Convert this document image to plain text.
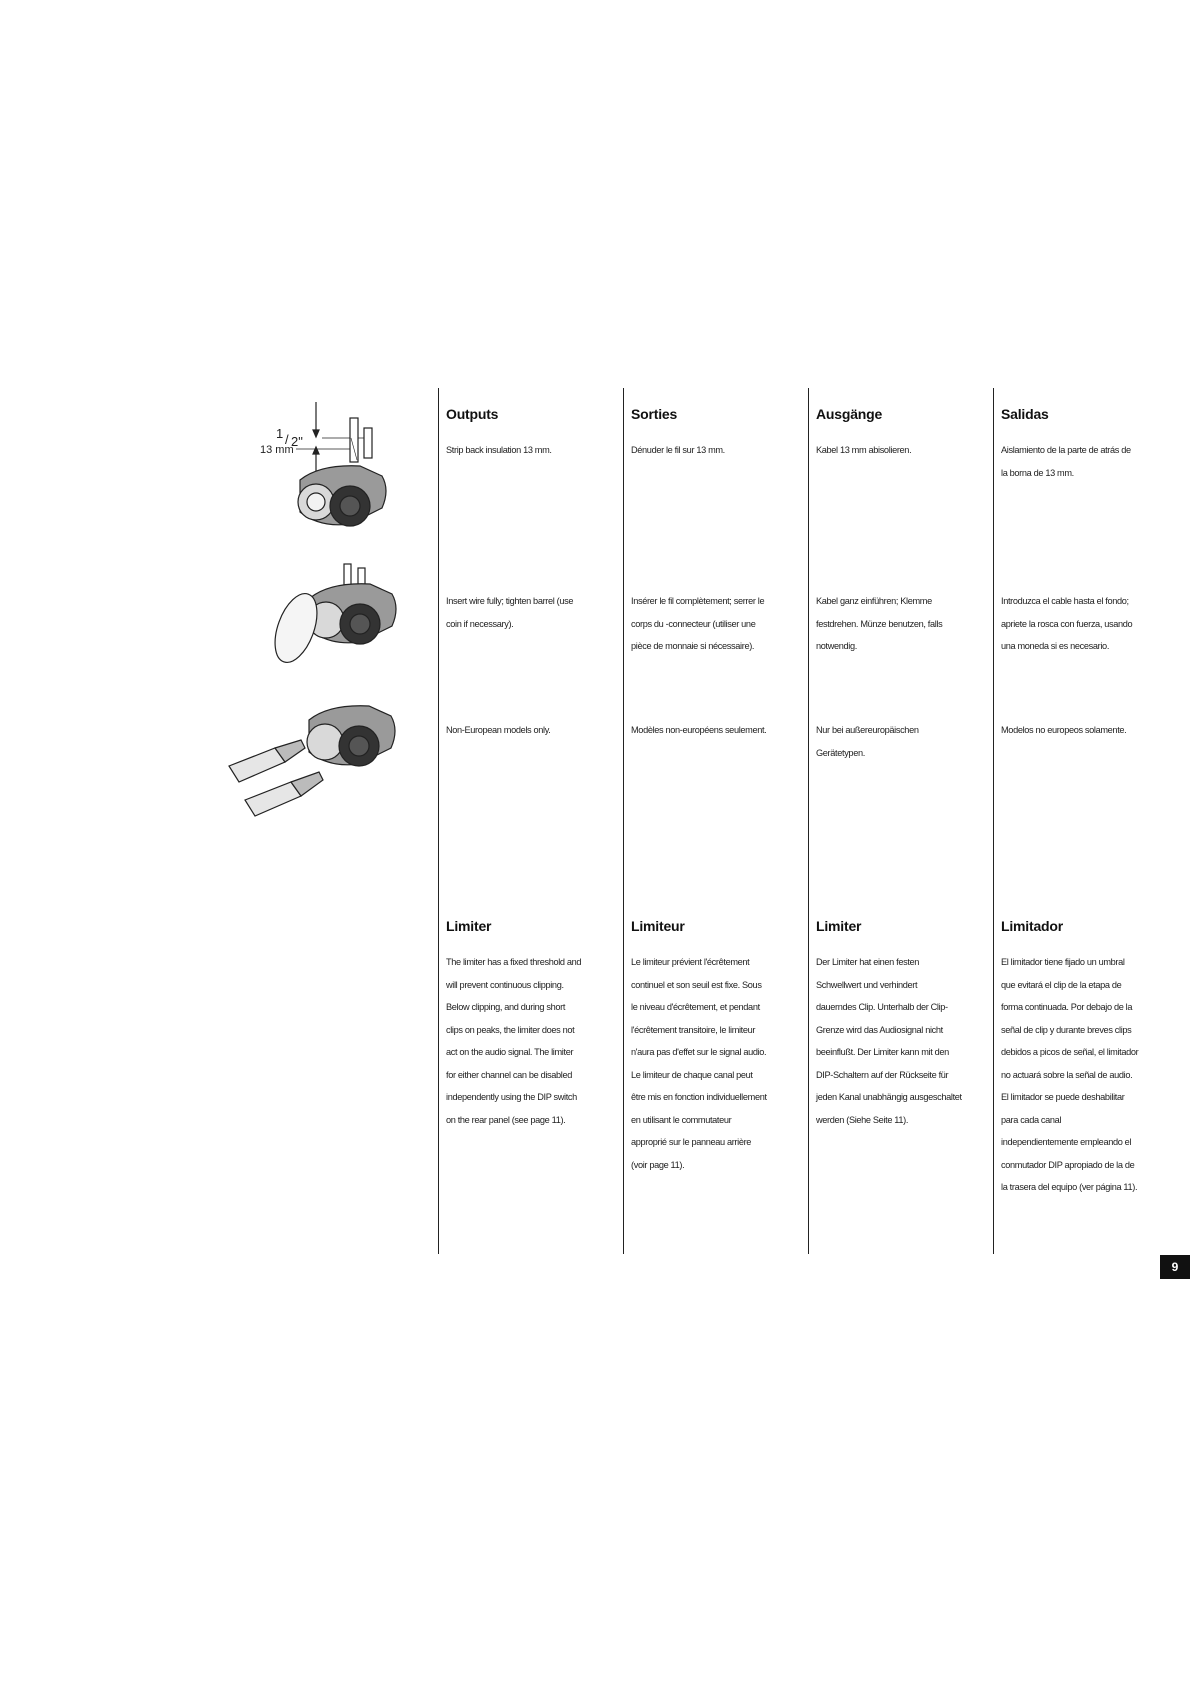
1 / 2"
13 mm
Outputs
Strip back insulation 13 mm.
Insert wire fully; tighten barrel (use
coin if necessary).
Non-European models only.
Limiter
The limiter has a fixed threshold and
will prevent continuous clipping.
Below clipping, and during short
clips on peaks, the limiter does not
act on the audio signal. The limiter
for either channel can be disabled
independently using the DIP switch
on the rear panel (see page 11).
Sorties
Dénuder le fil sur 13 mm.
Insérer le fil complètement; serrer le
corps du -connecteur (utiliser une
pièce de monnaie si nécessaire).
Modèles non-européens seulement.
Limiteur
Le limiteur prévient l'écrêtement
continuel et son seuil est fixe. Sous
le niveau d'écrêtement, et pendant
l'écrêtement transitoire, le limiteur
n'aura pas d'effet sur le signal audio.
Le limiteur de chaque canal peut
être mis en fonction individuellement
en utilisant le commutateur
approprié sur le panneau arrière
(voir page 11).
Ausgänge
Kabel 13 mm abisolieren.
Kabel ganz einführen; Klemme
festdrehen. Münze benutzen, falls
notwendig.
Nur bei außereuropäischen
Gerätetypen.
Limiter
Der Limiter hat einen festen
Schwellwert und verhindert
dauerndes Clip. Unterhalb der Clip-
Grenze wird das Audiosignal nicht
beeinflußt. Der Limiter kann mit den
DIP-Schaltern auf der Rückseite für
jeden Kanal unabhängig ausgeschaltet
werden (Siehe Seite 11).
Salidas
Aislamiento de la parte de atrás de
la borna de 13 mm.
Introduzca el cable hasta el fondo;
apriete la rosca con fuerza, usando
una moneda si es necesario.
Modelos no europeos solamente.
Limitador
El limitador tiene fijado un umbral
que evitará el clip de la etapa de
forma continuada. Por debajo de la
señal de clip y durante breves clips
debidos a picos de señal, el limitador
no actuará sobre la señal de audio.
El limitador se puede deshabilitar
para cada canal
independientemente empleando el
conmutador DIP apropiado de la de
la trasera del equipo (ver página 11).
9
